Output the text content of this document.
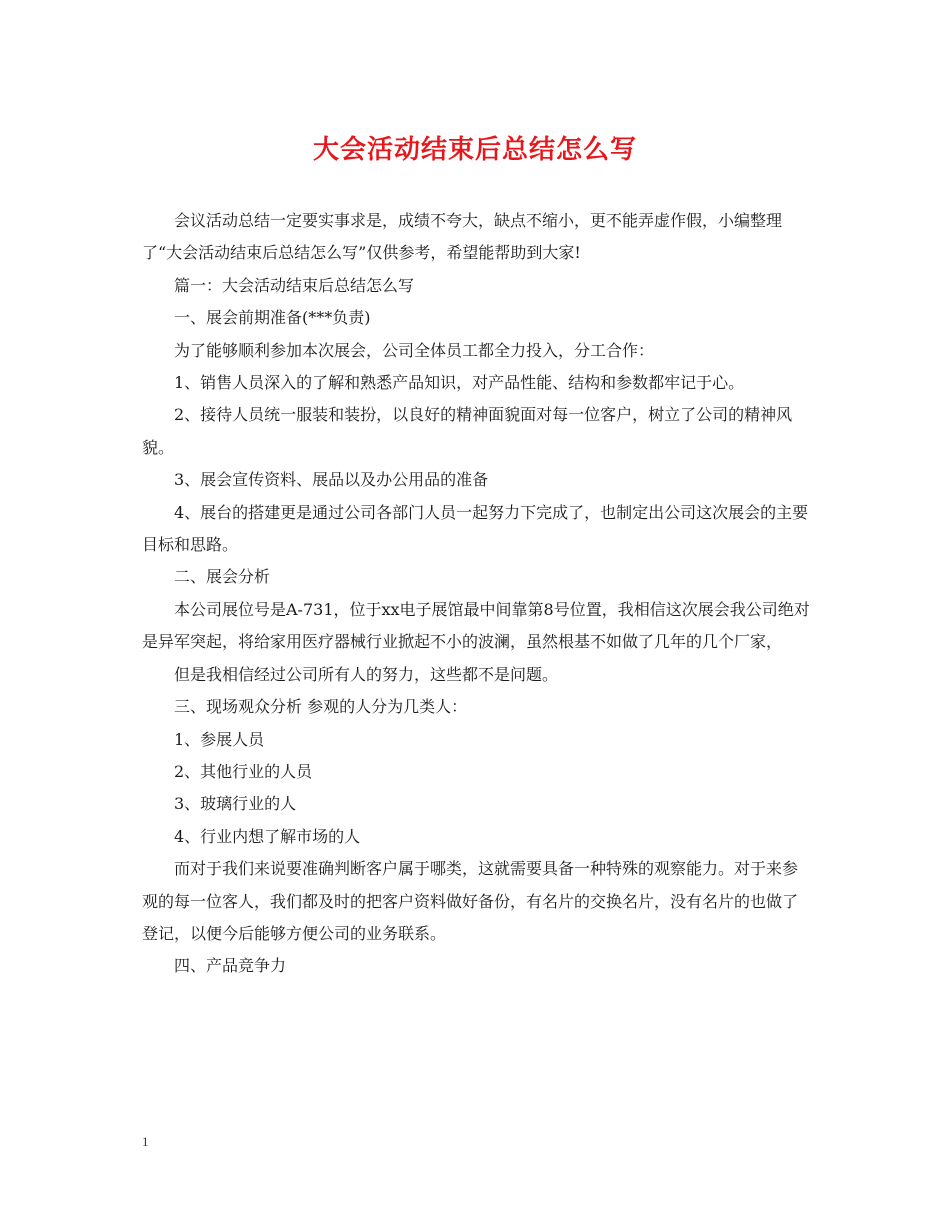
大会活动结束后总结怎么写

会议活动总结一定要实事求是，成绩不夸大，缺点不缩小，更不能弄虚作假，小编整理了“大会活动结束后总结怎么写”仅供参考，希望能帮助到大家!

篇一：大会活动结束后总结怎么写

一、展会前期准备(***负责)

为了能够顺利参加本次展会，公司全体员工都全力投入，分工合作：

1、销售人员深入的了解和熟悉产品知识，对产品性能、结构和参数都牢记于心。

2、接待人员统一服装和装扮，以良好的精神面貌面对每一位客户，树立了公司的精神风貌。

3、展会宣传资料、展品以及办公用品的准备

4、展台的搭建更是通过公司各部门人员一起努力下完成了，也制定出公司这次展会的主要目标和思路。

二、展会分析

本公司展位号是A-731，位于xx电子展馆最中间靠第8号位置，我相信这次展会我公司绝对是异军突起，将给家用医疗器械行业掀起不小的波澜，虽然根基不如做了几年的几个厂家，

但是我相信经过公司所有人的努力，这些都不是问题。

三、现场观众分析 参观的人分为几类人：

1、参展人员

2、其他行业的人员

3、玻璃行业的人

4、行业内想了解市场的人

而对于我们来说要准确判断客户属于哪类，这就需要具备一种特殊的观察能力。对于来参观的每一位客人，我们都及时的把客户资料做好备份，有名片的交换名片，没有名片的也做了登记，以便今后能够方便公司的业务联系。

四、产品竞争力

1
